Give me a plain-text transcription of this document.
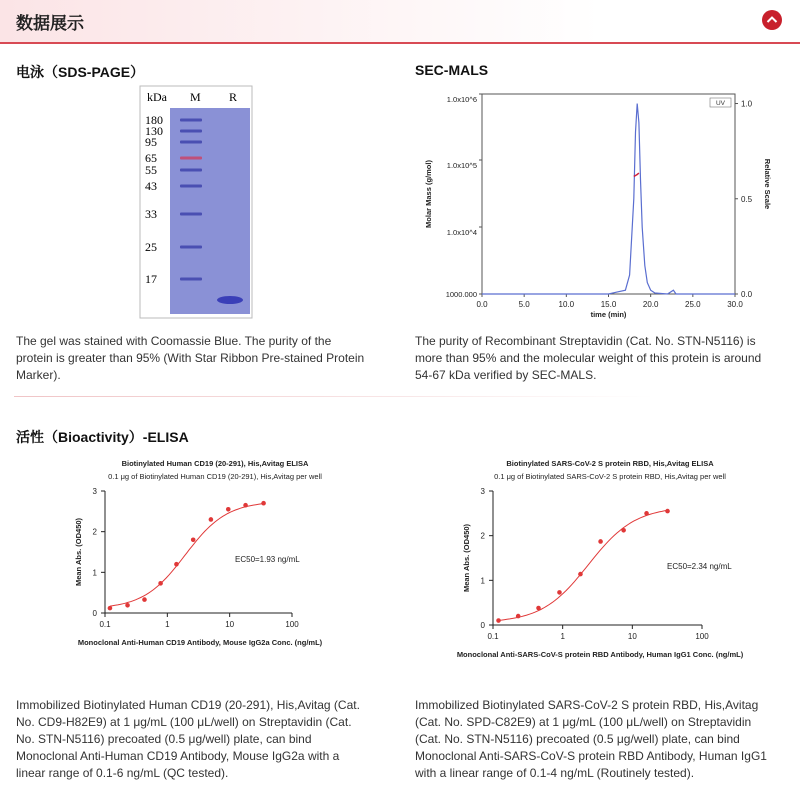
数据展示
电泳（SDS-PAGE）
kDa M R
180
130
95
65
55
43
33
25
17
The gel was stained with Coomassie Blue. The purity of the protein is greater than 95% (With Star Ribbon Pre-stained Protein Marker).
SEC-MALS
0.0	5.0	10.0	15.0	20.0	25.0	30.0
1000.000
1.0x10^4
1.0x10^5
1.0x10^6
0.0
0.5
1.0
time (min)
Molar Mass (g/mol)	Relative Scale
UV
The purity of Recombinant Streptavidin (Cat. No. STN-N5116) is more than 95% and the molecular weight of this protein is around 54-67 kDa verified by SEC-MALS.
活性（Bioactivity）-ELISA
Biotinylated Human CD19 (20-291), His,Avitag ELISA
0.1 μg of Biotinylated Human CD19 (20-291), His,Avitag per well
0
1
2
3
0.1	1	10	100
Monoclonal Anti-Human CD19 Antibody, Mouse IgG2a Conc. (ng/mL)
Mean Abs. (OD450)	EC50=1.93 ng/mL
Biotinylated SARS-CoV-2 S protein RBD, His,Avitag ELISA
0.1 μg of Biotinylated SARS-CoV-2 S protein RBD, His,Avitag per well
0
1
2
3
0.1	1	10	100
Monoclonal Anti-SARS-CoV-S protein RBD Antibody, Human IgG1 Conc. (ng/mL)
Mean Abs. (OD450)	EC50=2.34 ng/mL
Immobilized Biotinylated Human CD19 (20-291), His,Avitag (Cat. No. CD9-H82E9) at 1 μg/mL (100 μL/well) on Streptavidin (Cat. No. STN-N5116) precoated (0.5 μg/well) plate, can bind Monoclonal Anti-Human CD19 Antibody, Mouse IgG2a with a linear range of 0.1-6 ng/mL (QC tested).
Immobilized Biotinylated SARS-CoV-2 S protein RBD, His,Avitag (Cat. No. SPD-C82E9) at 1 μg/mL (100 μL/well) on Streptavidin (Cat. No. STN-N5116) precoated (0.5 μg/well) plate, can bind Monoclonal Anti-SARS-CoV-S protein RBD Antibody, Human IgG1 with a linear range of 0.1-4 ng/mL (Routinely tested).
